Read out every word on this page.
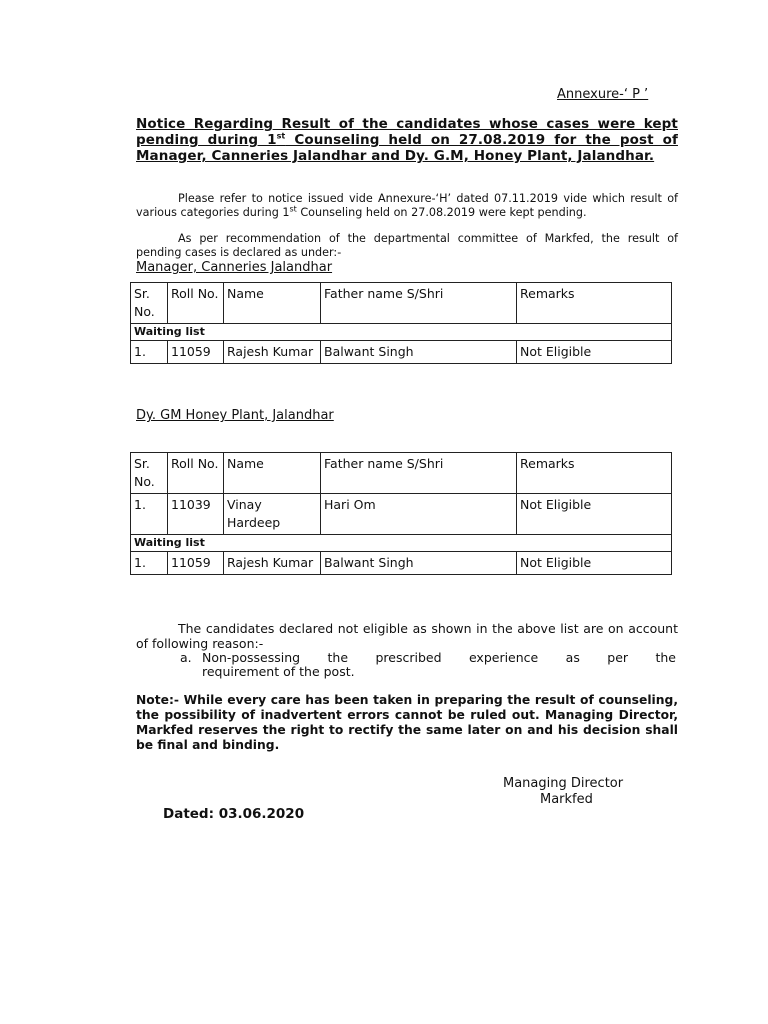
Annexure-‘ P ’
Notice Regarding Result of the candidates whose cases were kept pending during 1st Counseling held on 27.08.2019 for the post of Manager, Canneries Jalandhar and Dy. G.M, Honey Plant, Jalandhar.
Please refer to notice issued vide Annexure-‘H’ dated 07.11.2019 vide which result of various categories during 1st Counseling held on 27.08.2019 were kept pending.
As per recommendation of the departmental committee of Markfed, the result of pending cases is declared as under:-
Manager, Canneries Jalandhar
Sr. No.	Roll No.	Name	Father name S/Shri	Remarks
Waiting list				
1.	11059	Rajesh Kumar	Balwant Singh	Not Eligible
Dy. GM Honey Plant, Jalandhar
Sr. No.	Roll No.	Name	Father name S/Shri	Remarks
1.	11039	Vinay Hardeep	Hari Om	Not Eligible
Waiting list				
1.	11059	Rajesh Kumar	Balwant Singh	Not Eligible
The candidates declared not eligible as shown in the above list are on account of following reason:-
a. Non-possessing the prescribed experience as per the
requirement of the post.
Note:- While every care has been taken in preparing the result of counseling, the possibility of inadvertent errors cannot be ruled out. Managing Director, Markfed reserves the right to rectify the same later on and his decision shall be final and binding.
Managing Director
Markfed
Dated: 03.06.2020
